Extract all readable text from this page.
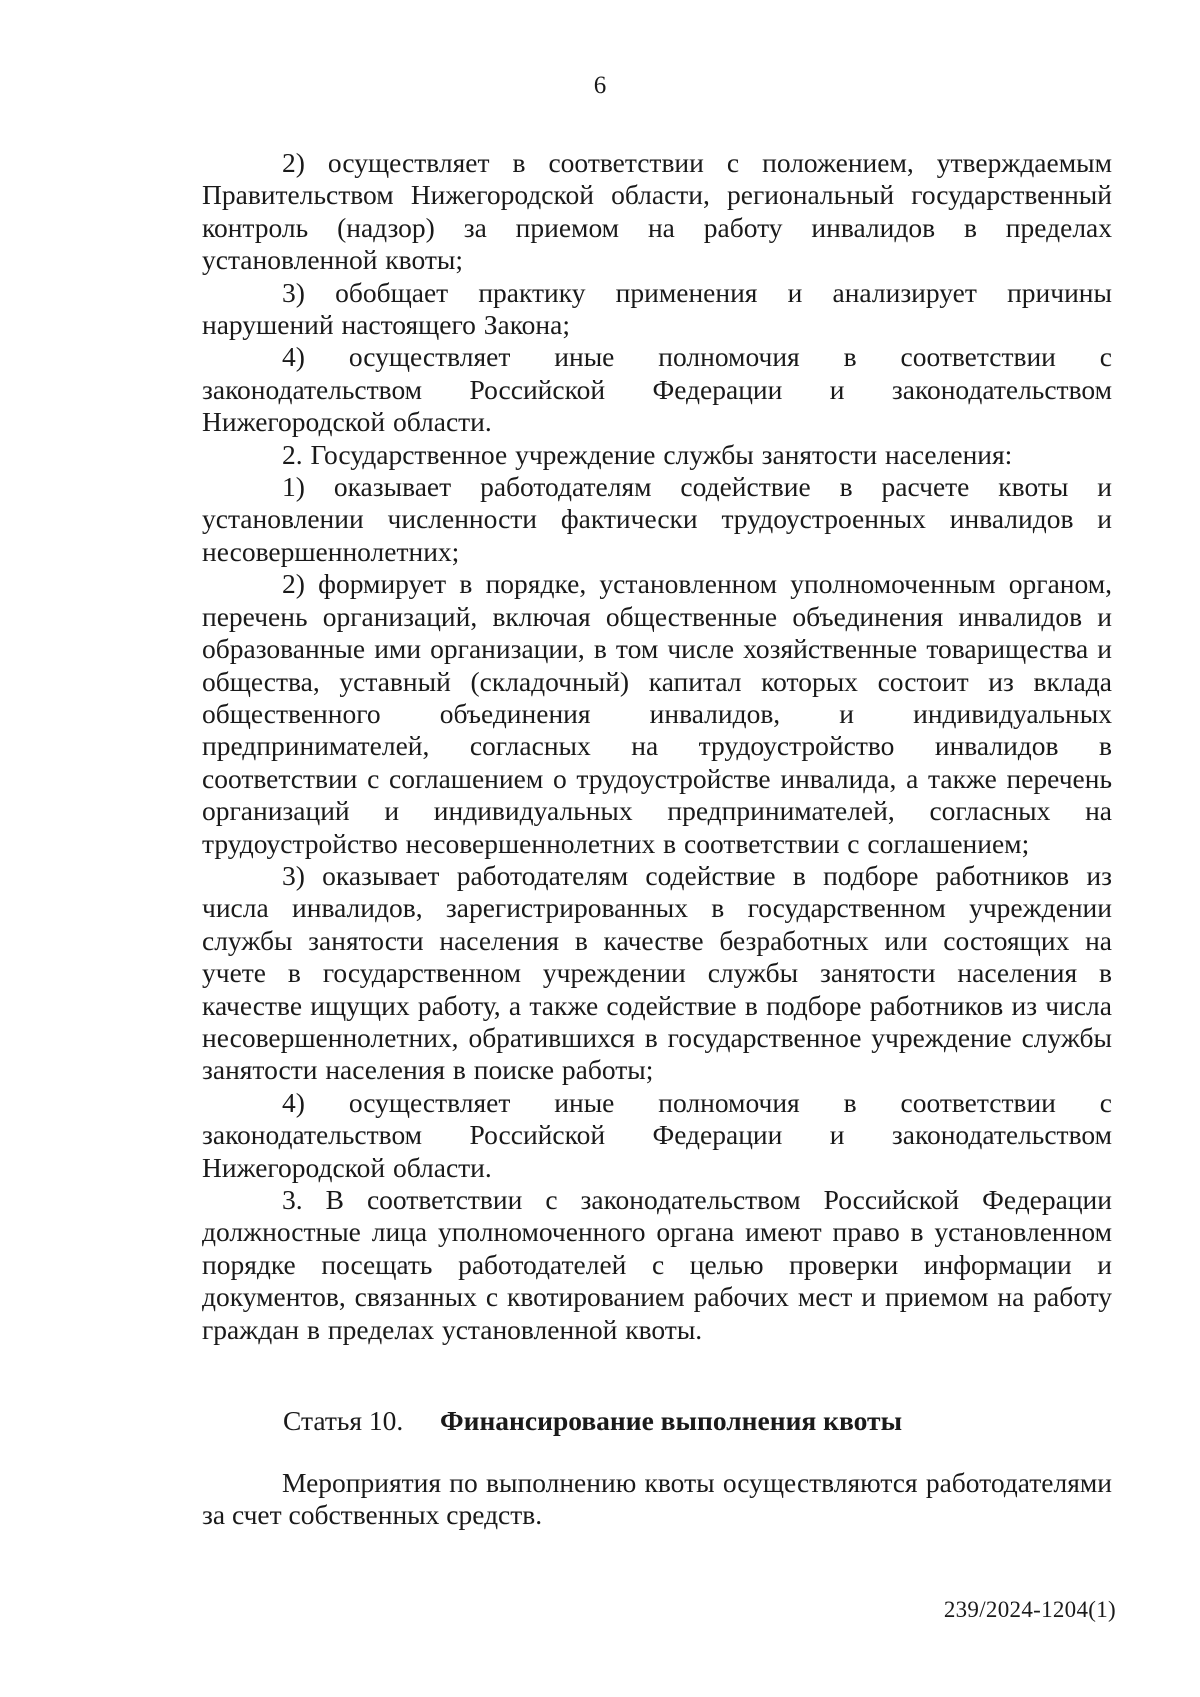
6

2) осуществляет в соответствии с положением, утверждаемым Правительством Нижегородской области, региональный государственный контроль (надзор) за приемом на работу инвалидов в пределах установленной квоты;

3) обобщает практику применения и анализирует причины нарушений настоящего Закона;

4) осуществляет иные полномочия в соответствии с законодательством Российской Федерации и законодательством Нижегородской области.

2. Государственное учреждение службы занятости населения:

1) оказывает работодателям содействие в расчете квоты и установлении численности фактически трудоустроенных инвалидов и несовершеннолетних;

2) формирует в порядке, установленном уполномоченным органом, перечень организаций, включая общественные объединения инвалидов и образованные ими организации, в том числе хозяйственные товарищества и общества, уставный (складочный) капитал которых состоит из вклада общественного объединения инвалидов, и индивидуальных предпринимателей, согласных на трудоустройство инвалидов в соответствии с соглашением о трудоустройстве инвалида, а также перечень организаций и индивидуальных предпринимателей, согласных на трудоустройство несовершеннолетних в соответствии с соглашением;

3) оказывает работодателям содействие в подборе работников из числа инвалидов, зарегистрированных в государственном учреждении службы занятости населения в качестве безработных или состоящих на учете в государственном учреждении службы занятости населения в качестве ищущих работу, а также содействие в подборе работников из числа несовершеннолетних, обратившихся в государственное учреждение службы занятости населения в поиске работы;

4) осуществляет иные полномочия в соответствии с законодательством Российской Федерации и законодательством Нижегородской области.

3. В соответствии с законодательством Российской Федерации должностные лица уполномоченного органа имеют право в установленном порядке посещать работодателей с целью проверки информации и документов, связанных с квотированием рабочих мест и приемом на работу граждан в пределах установленной квоты.

Статья 10. Финансирование выполнения квоты

Мероприятия по выполнению квоты осуществляются работодателями за счет собственных средств.

239/2024-1204(1)
